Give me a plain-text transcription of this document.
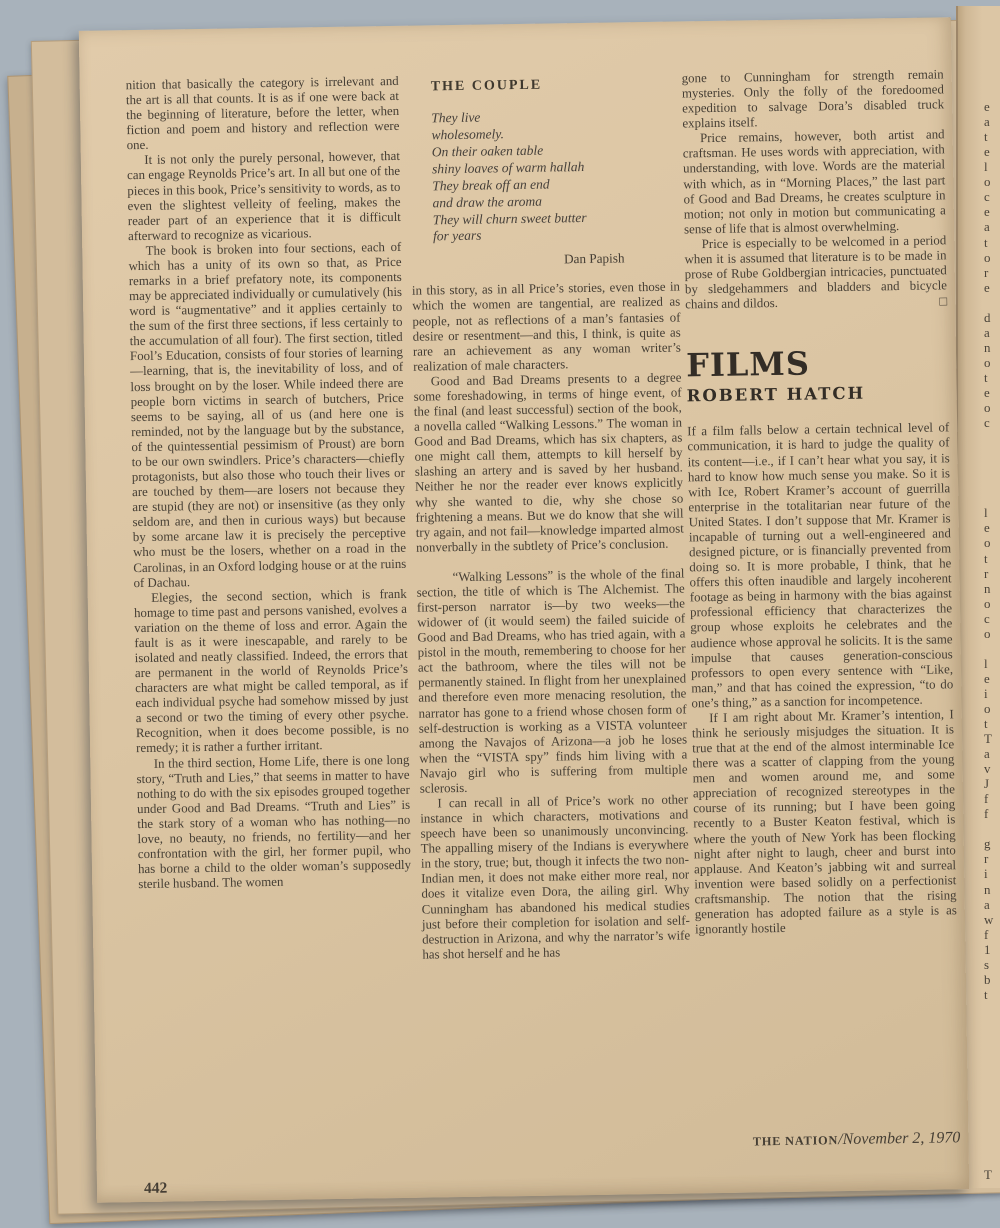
e
a
t
e
l
o
c
e
a
t
o
r
e
d
a
n
o
t
e
o
c
l
e
o
t
r
n
o
c
o
l
e
i
o
t
T
a
v
J
f
f
g
r
i
n
a
w
f
1
s
b
t
T

nition that basically the category is irrelevant and the art is all that counts. It is as if one were back at the beginning of literature, before the letter, when fiction and poem and history and reflection were one.

It is not only the purely personal, however, that can engage Reynolds Price’s art. In all but one of the pieces in this book, Price’s sensitivity to words, as to even the slightest velleity of feeling, makes the reader part of an experience that it is difficult afterward to recognize as vicarious.

The book is broken into four sections, each of which has a unity of its own so that, as Price remarks in a brief prefatory note, its components may be appreciated individually or cumulatively (his word is “augmentative” and it applies certainly to the sum of the first three sections, if less certainly to the accumulation of all four). The first section, titled Fool’s Education, consists of four stories of learning—learning, that is, the inevitability of loss, and of loss brought on by the loser. While indeed there are people born victims in search of butchers, Price seems to be saying, all of us (and here one is reminded, not by the language but by the substance, of the quintessential pessimism of Proust) are born to be our own swindlers. Price’s characters—chiefly protagonists, but also those who touch their lives or are touched by them—are losers not because they are stupid (they are not) or insensitive (as they only seldom are, and then in curious ways) but because by some arcane law it is precisely the perceptive who must be the losers, whether on a road in the Carolinas, in an Oxford lodging house or at the ruins of Dachau.

Elegies, the second section, which is frank homage to time past and persons vanished, evolves a variation on the theme of loss and error. Again the fault is as it were inescapable, and rarely to be isolated and neatly classified. Indeed, the errors that are permanent in the world of Reynolds Price’s characters are what might be called temporal, as if each individual psyche had somehow missed by just a second or two the timing of every other psyche. Recognition, when it does become possible, is no remedy; it is rather a further irritant.

In the third section, Home Life, there is one long story, “Truth and Lies,” that seems in matter to have nothing to do with the six episodes grouped together under Good and Bad Dreams. “Truth and Lies” is the stark story of a woman who has nothing—no love, no beauty, no friends, no fertility—and her confrontation with the girl, her former pupil, who has borne a child to the older woman’s supposedly sterile husband. The women

THE COUPLE
They live
wholesomely.
On their oaken table
shiny loaves of warm hallah
They break off an end
and draw the aroma
They will churn sweet butter
for years
Dan Papish

in this story, as in all Price’s stories, even those in which the women are tangential, are realized as people, not as reflections of a man’s fantasies of desire or resentment—and this, I think, is quite as rare an achievement as any woman writer’s realization of male characters.

Good and Bad Dreams presents to a degree some foreshadowing, in terms of hinge event, of the final (and least successful) section of the book, a novella called “Walking Lessons.” The woman in Good and Bad Dreams, which has six chapters, as one might call them, attempts to kill herself by slashing an artery and is saved by her husband. Neither he nor the reader ever knows explicitly why she wanted to die, why she chose so frightening a means. But we do know that she will try again, and not fail—knowledge imparted almost nonverbally in the subtlety of Price’s conclusion.

“Walking Lessons” is the whole of the final section, the title of which is The Alchemist. The first-person narrator is—by two weeks—the widower of (it would seem) the failed suicide of Good and Bad Dreams, who has tried again, with a pistol in the mouth, remembering to choose for her act the bathroom, where the tiles will not be permanently stained. In flight from her unexplained and therefore even more menacing resolution, the narrator has gone to a friend whose chosen form of self-destruction is working as a VISTA volunteer among the Navajos of Arizona—a job he loses when the “VISTA spy” finds him living with a Navajo girl who is suffering from multiple sclerosis.

I can recall in all of Price’s work no other instance in which characters, motivations and speech have been so unanimously unconvincing. The appalling misery of the Indians is everywhere in the story, true; but, though it infects the two non-Indian men, it does not make either more real, nor does it vitalize even Dora, the ailing girl. Why Cunningham has abandoned his medical studies just before their completion for isolation and self-destruction in Arizona, and why the narrator’s wife has shot herself and he has

gone to Cunningham for strength remain mysteries. Only the folly of the foredoomed expedition to salvage Dora’s disabled truck explains itself.

Price remains, however, both artist and craftsman. He uses words with appreciation, with understanding, with love. Words are the material with which, as in “Morning Places,” the last part of Good and Bad Dreams, he creates sculpture in motion; not only in motion but communicating a sense of life that is almost overwhelming.

Price is especially to be welcomed in a period when it is assumed that literature is to be made in prose of Rube Goldbergian intricacies, punctuated by sledgehammers and bladders and bicycle chains and dildos.	□

FILMS
ROBERT HATCH

If a film falls below a certain technical level of communication, it is hard to judge the quality of its content—i.e., if I can’t hear what you say, it is hard to know how much sense you make. So it is with Ice, Robert Kramer’s account of guerrilla enterprise in the totalitarian near future of the United States. I don’t suppose that Mr. Kramer is incapable of turning out a well-engineered and designed picture, or is financially prevented from doing so. It is more probable, I think, that he offers this often inaudible and largely incoherent footage as being in harmony with the bias against professional efficiency that characterizes the group whose exploits he celebrates and the audience whose approval he solicits. It is the same impulse that causes generation-conscious professors to open every sentence with “Like, man,” and that has coined the expression, “to do one’s thing,” as a sanction for incompetence.

If I am right about Mr. Kramer’s intention, I think he seriously misjudges the situation. It is true that at the end of the almost interminable Ice there was a scatter of clapping from the young men and women around me, and some appreciation of recognized stereotypes in the course of its running; but I have been going recently to a Buster Keaton festival, which is where the youth of New York has been flocking night after night to laugh, cheer and burst into applause. And Keaton’s jabbing wit and surreal invention were based solidly on a perfectionist craftsmanship. The notion that the rising generation has adopted failure as a style is as ignorantly hostile

442
THE NATION/November 2, 1970
